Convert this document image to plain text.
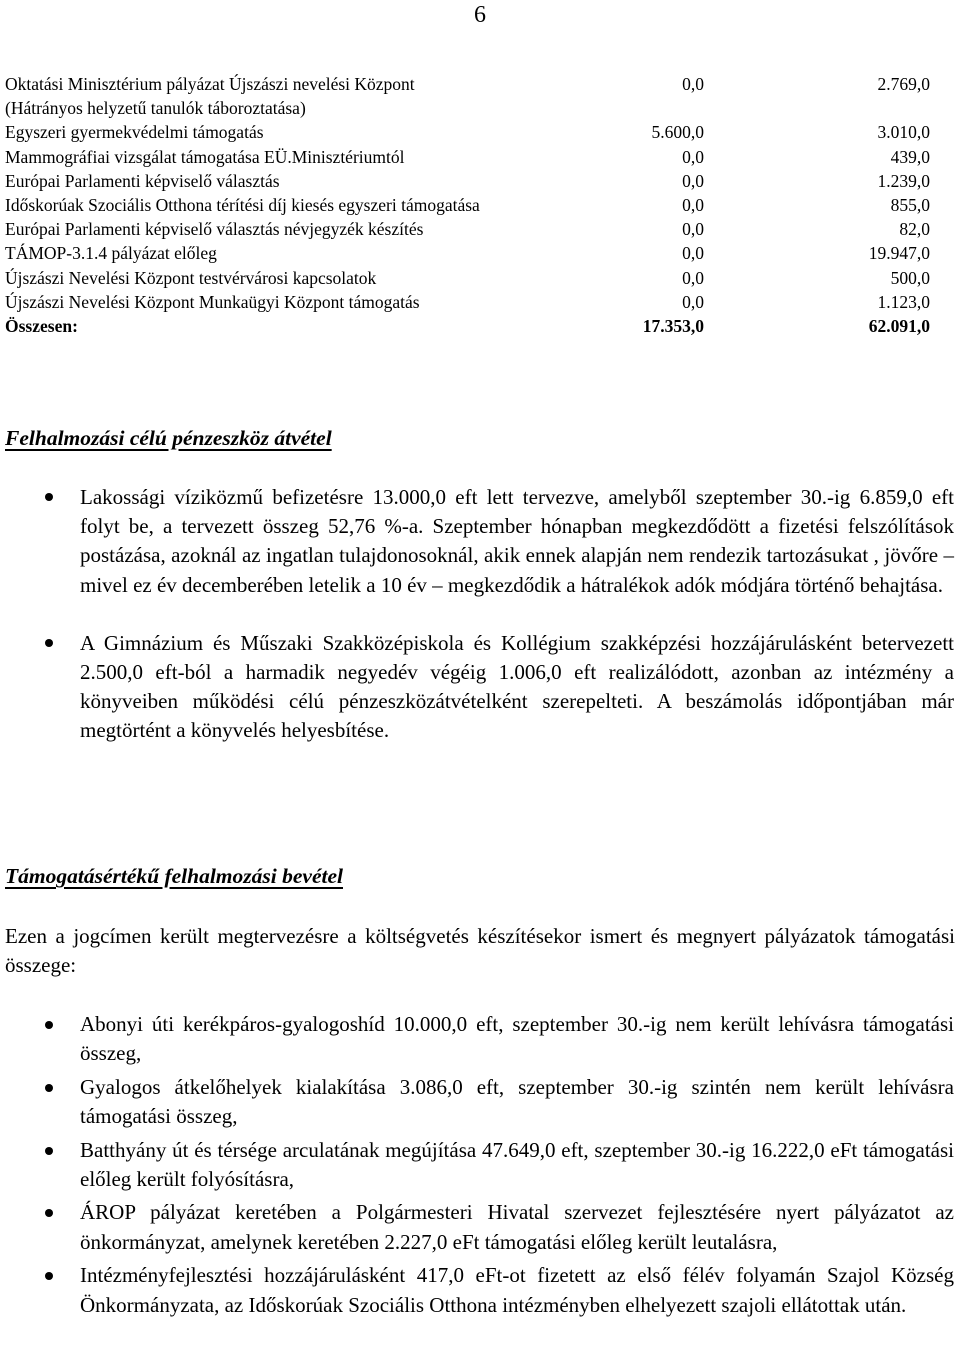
6
Oktatási Minisztérium pályázat Újszászi nevelési Központ	0,0	2.769,0
(Hátrányos helyzetű tanulók táboroztatása)
Egyszeri gyermekvédelmi támogatás	5.600,0	3.010,0
Mammográfiai vizsgálat támogatása EÜ.Minisztériumtól	0,0	439,0
Európai Parlamenti képviselő választás	0,0	1.239,0
Időskorúak Szociális Otthona térítési díj kiesés egyszeri támogatása	0,0	855,0
Európai Parlamenti képviselő választás névjegyzék készítés	0,0	82,0
TÁMOP-3.1.4 pályázat előleg	0,0	19.947,0
Újszászi Nevelési Központ testvérvárosi kapcsolatok	0,0	500,0
Újszászi Nevelési Központ Munkaügyi Központ támogatás	0,0	1.123,0
Összesen:	17.353,0	62.091,0
Felhalmozási célú pénzeszköz átvétel
Lakossági víziközmű befizetésre 13.000,0 eft lett tervezve, amelyből szeptember 30.-ig 6.859,0 eft folyt be, a tervezett összeg 52,76 %-a. Szeptember hónapban megkezdődött a fizetési felszólítások postázása, azoknál az ingatlan tulajdonosoknál, akik ennek alapján nem rendezik tartozásukat , jövőre – mivel ez év decemberében letelik a 10 év – megkezdődik a hátralékok adók módjára történő behajtása.
A Gimnázium és Műszaki Szakközépiskola és Kollégium szakképzési hozzájárulásként betervezett 2.500,0 eft-ból a harmadik negyedév végéig 1.006,0 eft realizálódott, azonban az intézmény a könyveiben működési célú pénzeszközátvételként szerepelteti. A beszámolás időpontjában már megtörtént a könyvelés helyesbítése.
Támogatásértékű felhalmozási bevétel
Ezen a jogcímen került megtervezésre a költségvetés készítésekor ismert és megnyert pályázatok támogatási összege:
Abonyi úti kerékpáros-gyalogoshíd 10.000,0 eft, szeptember 30.-ig nem került lehívásra támogatási összeg,
Gyalogos átkelőhelyek kialakítása 3.086,0 eft, szeptember 30.-ig szintén nem került lehívásra támogatási összeg,
Batthyány út és térsége arculatának megújítása 47.649,0 eft, szeptember 30.-ig 16.222,0 eFt támogatási előleg került folyósításra,
ÁROP pályázat keretében a Polgármesteri Hivatal szervezet fejlesztésére nyert pályázatot az önkormányzat, amelynek keretében 2.227,0 eFt támogatási előleg került leutalásra,
Intézményfejlesztési hozzájárulásként 417,0 eFt-ot fizetett az első félév folyamán Szajol Község Önkormányzata, az Időskorúak Szociális Otthona intézményben elhelyezett szajoli ellátottak után.
